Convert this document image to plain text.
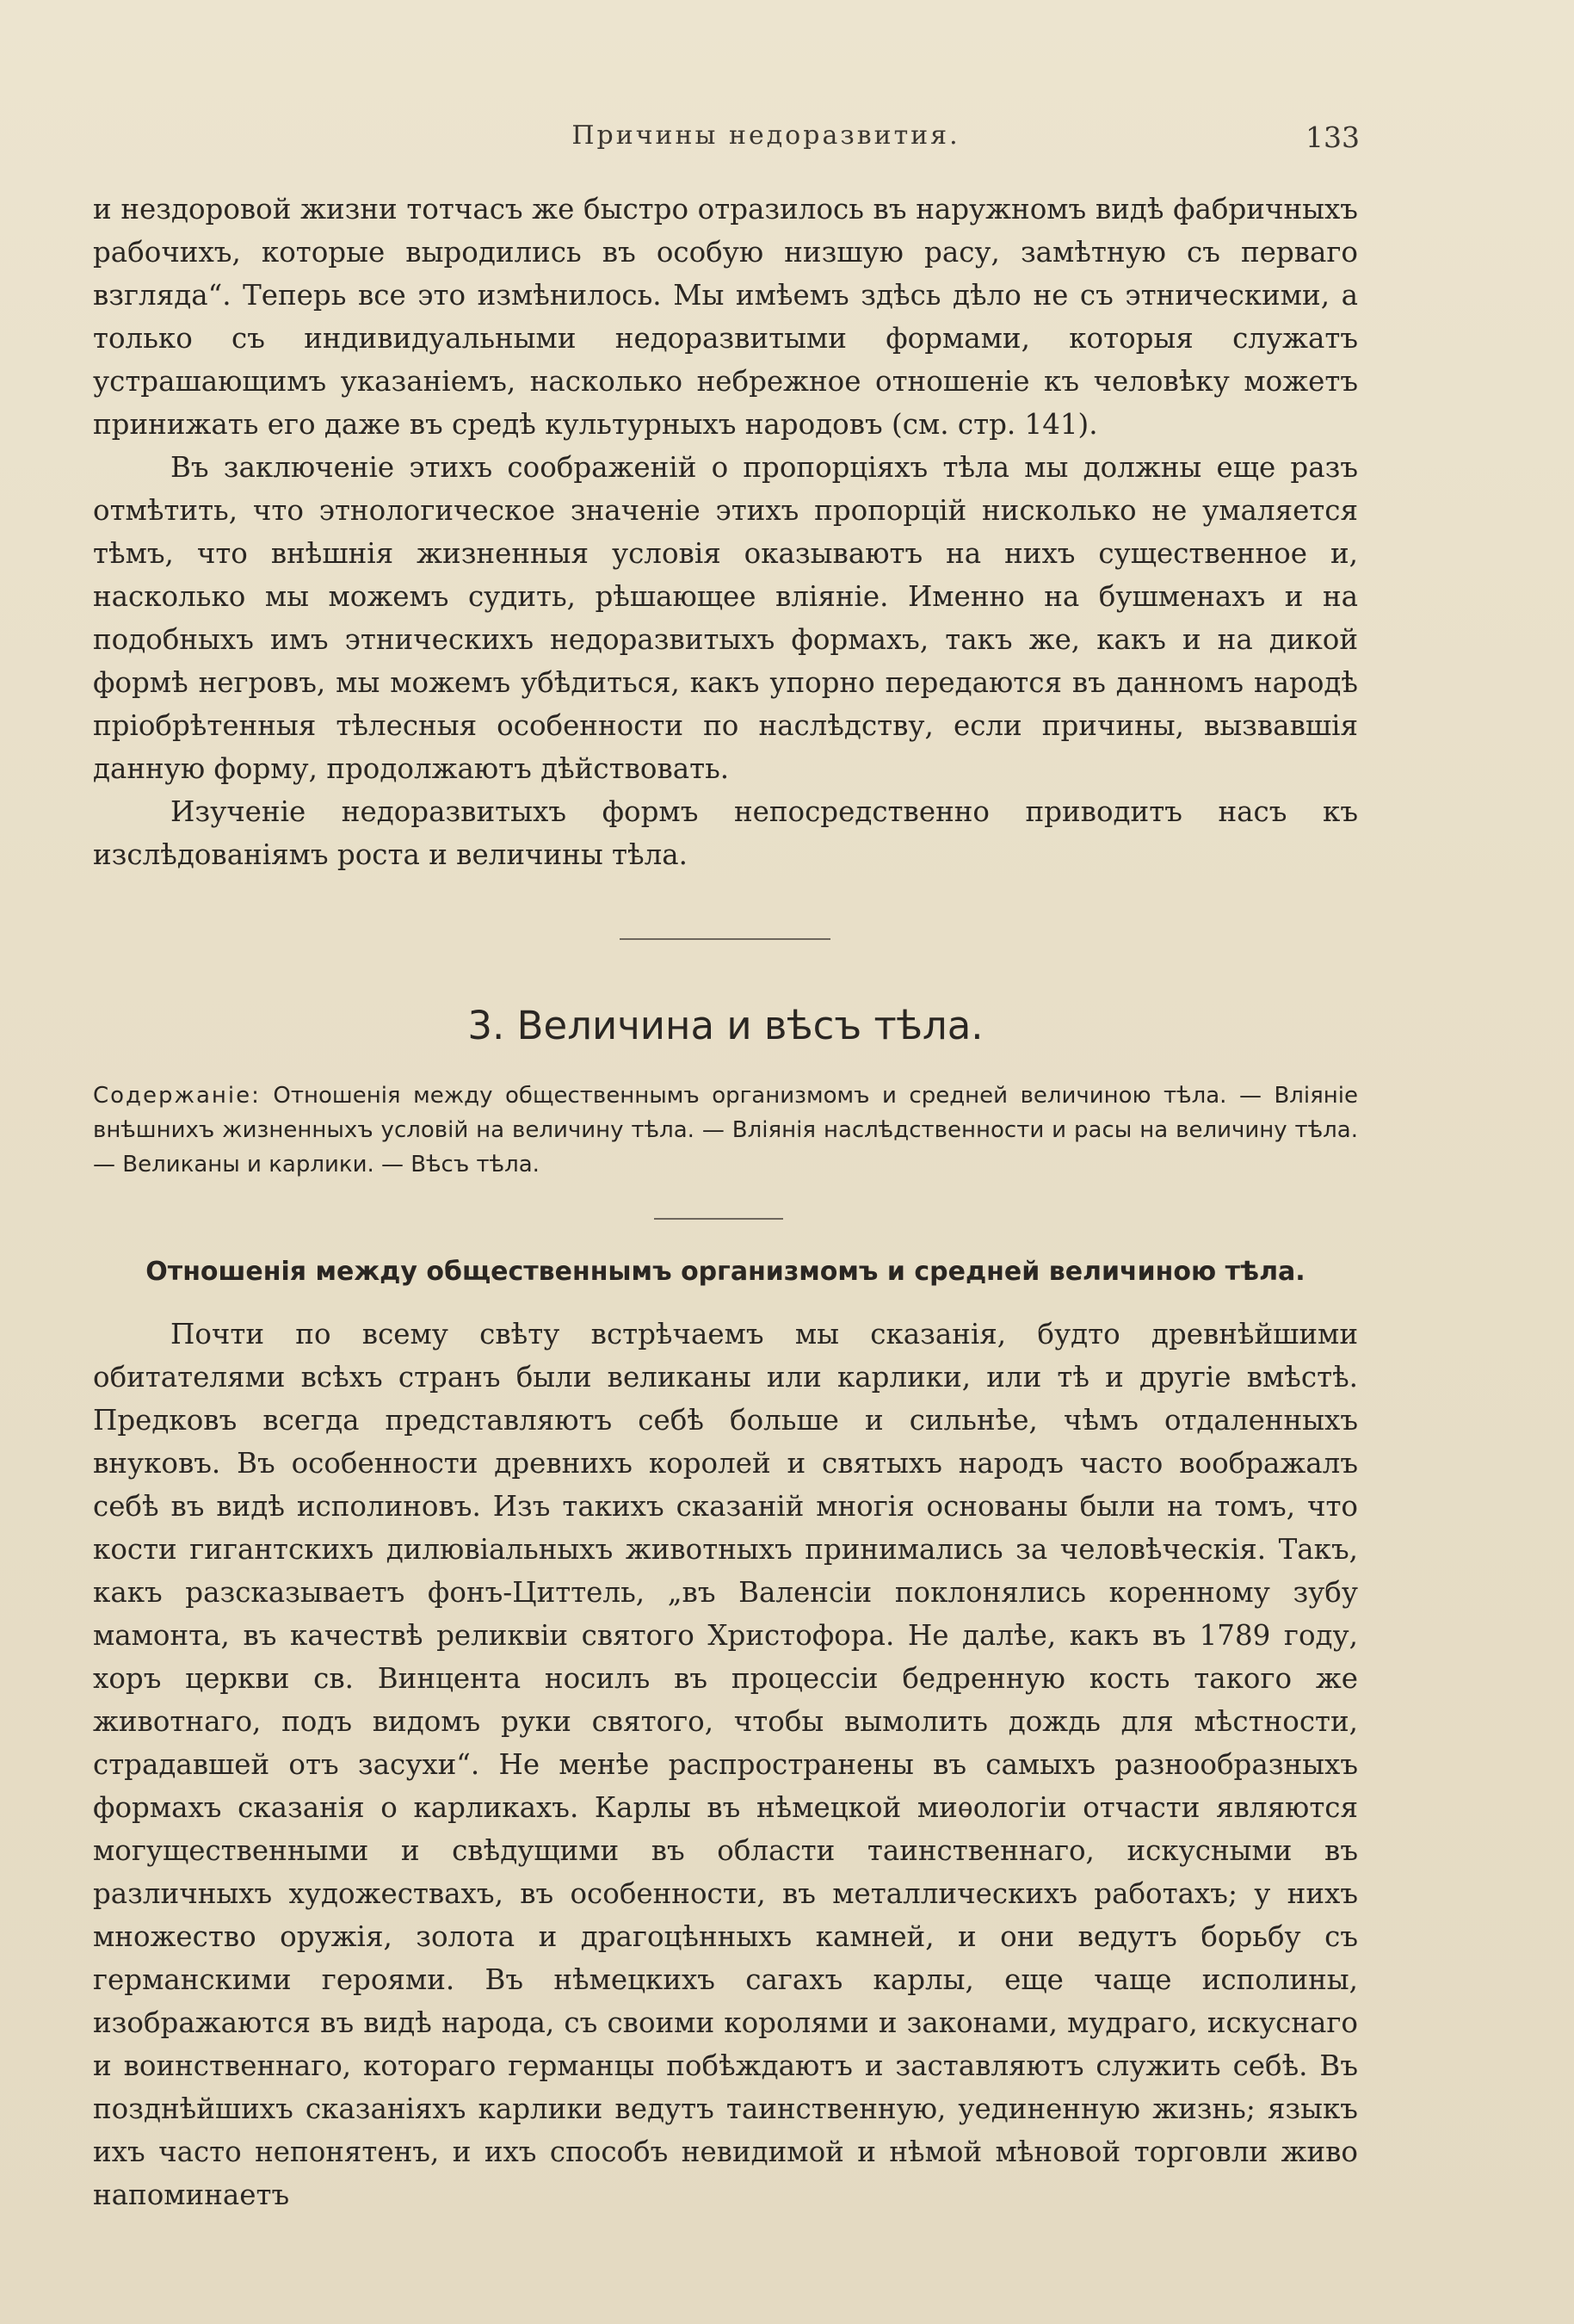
Причины недоразвития.	133

и нездоровой жизни тотчасъ же быстро отразилось въ наружномъ видѣ фабричныхъ рабочихъ, которые выродились въ особую низшую расу, замѣтную съ перваго взгляда“. Теперь все это измѣнилось. Мы имѣемъ здѣсь дѣло не съ этническими, а только съ индивидуальными недоразвитыми формами, которыя служатъ устрашающимъ указаніемъ, насколько небрежное отношеніе къ человѣку можетъ принижать его даже въ средѣ культурныхъ народовъ (см. стр. 141).

Въ заключеніе этихъ соображеній о пропорціяхъ тѣла мы должны еще разъ отмѣтить, что этнологическое значеніе этихъ пропорцій нисколько не умаляется тѣмъ, что внѣшнія жизненныя условія оказываютъ на нихъ существенное и, насколько мы можемъ судить, рѣшающее вліяніе. Именно на бушменахъ и на подобныхъ имъ этническихъ недоразвитыхъ формахъ, такъ же, какъ и на дикой формѣ негровъ, мы можемъ убѣдиться, какъ упорно передаются въ данномъ народѣ пріобрѣтенныя тѣлесныя особенности по наслѣдству, если причины, вызвавшія данную форму, продолжаютъ дѣйствовать.

Изученіе недоразвитыхъ формъ непосредственно приводитъ насъ къ изслѣдованіямъ роста и величины тѣла.

3. Величина и вѣсъ тѣла.
Содержаніе: Отношенія между общественнымъ организмомъ и средней величиною тѣла. — Вліяніе внѣшнихъ жизненныхъ условій на величину тѣла. — Вліянія наслѣдственности и расы на величину тѣла. — Великаны и карлики. — Вѣсъ тѣла.
Отношенія между общественнымъ организмомъ и средней величиною тѣла.

Почти по всему свѣту встрѣчаемъ мы сказанія, будто древнѣйшими обитателями всѣхъ странъ были великаны или карлики, или тѣ и другіе вмѣстѣ. Предковъ всегда представляютъ себѣ больше и сильнѣе, чѣмъ отдаленныхъ внуковъ. Въ особенности древнихъ королей и святыхъ народъ часто воображалъ себѣ въ видѣ исполиновъ. Изъ такихъ сказаній многія основаны были на томъ, что кости гигантскихъ дилювіальныхъ животныхъ принимались за человѣческія. Такъ, какъ разсказываетъ фонъ-Циттель, „въ Валенсіи поклонялись коренному зубу мамонта, въ качествѣ реликвіи святого Христофора. Не далѣе, какъ въ 1789 году, хоръ церкви св. Винцента носилъ въ процессіи бедренную кость такого же животнаго, подъ видомъ руки святого, чтобы вымолить дождь для мѣстности, страдавшей отъ засухи“. Не менѣе распространены въ самыхъ разнообразныхъ формахъ сказанія о карликахъ. Карлы въ нѣмецкой миѳологіи отчасти являются могущественными и свѣдущими въ области таинственнаго, искусными въ различныхъ художествахъ, въ особенности, въ металлическихъ работахъ; у нихъ множество оружія, золота и драгоцѣнныхъ камней, и они ведутъ борьбу съ германскими героями. Въ нѣмецкихъ сагахъ карлы, еще чаще исполины, изображаются въ видѣ народа, съ своими королями и законами, мудраго, искуснаго и воинственнаго, котораго германцы побѣждаютъ и заставляютъ служить себѣ. Въ позднѣйшихъ сказаніяхъ карлики ведутъ таинственную, уединенную жизнь; языкъ ихъ часто непонятенъ, и ихъ способъ невидимой и нѣмой мѣновой торговли живо напоминаетъ
